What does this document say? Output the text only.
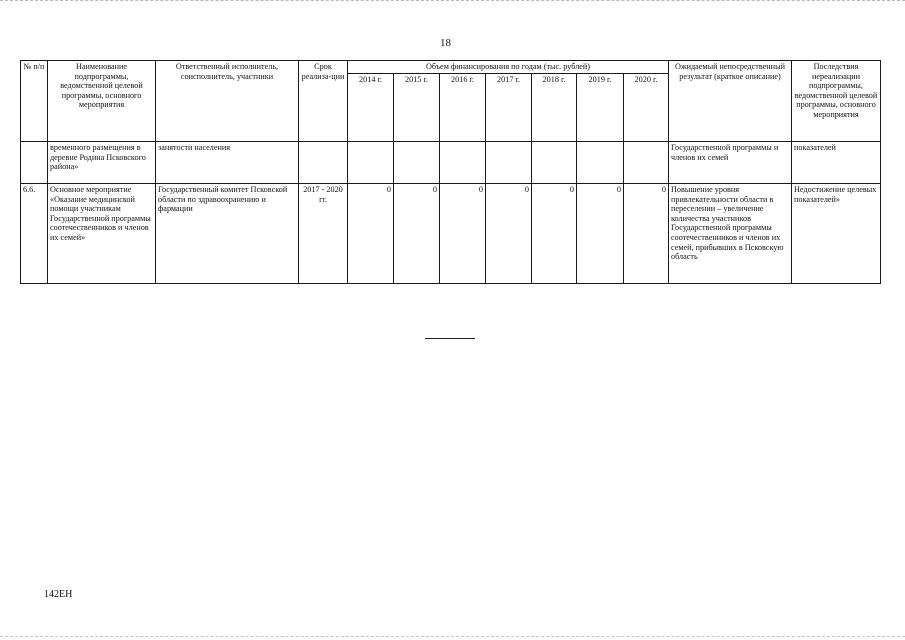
18
№ п/п	Наименование подпрограммы, ведомственной целевой программы, основного мероприятия	Ответственный исполнитель, соисполнитель, участники	Срок реализа-ции	Объем финансирования по годам (тыс. рублей)							Ожидаемый непосредственный результат (краткое описание)	Последствия нереализации подпрограммы, ведомственной целевой программы, основного мероприятия
				2014 г.	2015 г.	2016 г.	2017 г.	2018 г.	2019 г.	2020 г.		
	временного размещения в деревне Родина Псковского района»	занятости населения									Государственной программы и членов их семей	показателей
6.6.	Основное мероприятие «Оказание медицинской помощи участникам Государственной программы соотечественников и членов их семей»	Государственный комитет Псковской области по здравоохранению и фармации	2017 - 2020 гг.	0	0	0	0	0	0	0	Повышение уровня привлекательности области в переселении – увеличение количества участников Государственной программы соотечественников и членов их семей, прибывших в Псковскую область	Недостижение целевых показателей»
142ЕН
